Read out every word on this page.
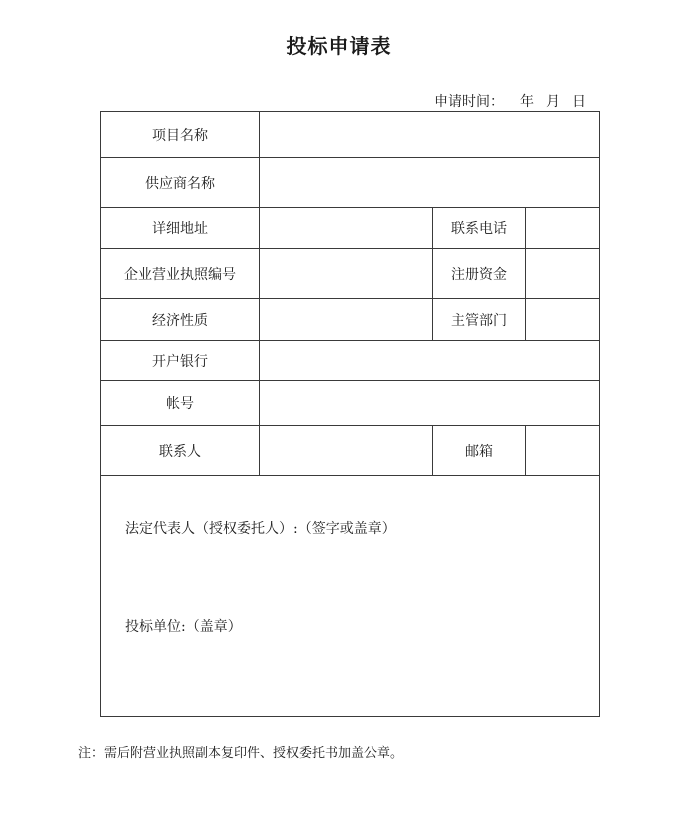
投标申请表
申请时间： 年 月 日
项目名称			
供应商名称			
详细地址		联系电话	
企业营业执照编号		注册资金	
经济性质		主管部门	
开户银行			
帐号			
联系人		邮箱	

法定代表人（授权委托人）:（签字或盖章）
投标单位:（盖章）			
注：需后附营业执照副本复印件、授权委托书加盖公章。
